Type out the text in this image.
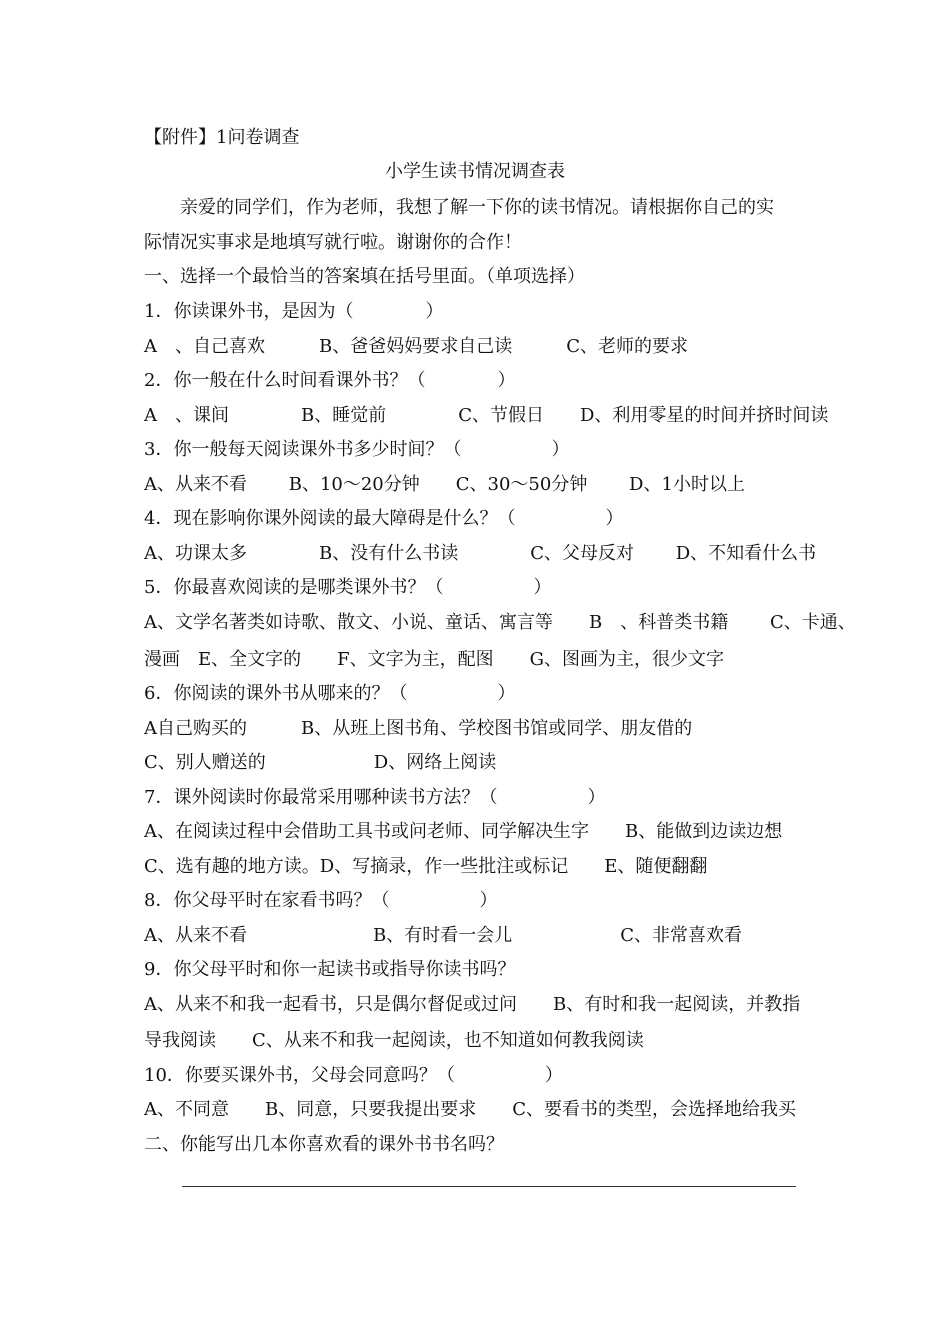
【附件】1问卷调查

小学生读书情况调查表

　　亲爱的同学们，作为老师，我想了解一下你的读书情况。请根据你自己的实

际情况实事求是地填写就行啦。谢谢你的合作！

一、选择一个最恰当的答案填在括号里面。（单项选择）

1．你读课外书，是因为（　　　　）

A　、自己喜欢　　　B、爸爸妈妈要求自己读　　　C、老师的要求

2．你一般在什么时间看课外书？（　　　　）

A　、课间　　　　B、睡觉前　　　　C、节假日　　D、利用零星的时间并挤时间读

3．你一般每天阅读课外书多少时间？（　　　　　）

A、从来不看　　 B、10～20分钟　　C、30～50分钟　　 D、1小时以上

4．现在影响你课外阅读的最大障碍是什么？（　　　　　）

A、功课太多　　　　B、没有什么书读　　　　C、父母反对　　 D、不知看什么书

5．你最喜欢阅读的是哪类课外书？（　　　　　）

A、文学名著类如诗歌、散文、小说、童话、寓言等　　B　、科普类书籍　　 C、卡通、

漫画　E、全文字的　　F、文字为主，配图　　G、图画为主，很少文字

6．你阅读的课外书从哪来的？（　　　　　）

A自己购买的　　　B、从班上图书角、学校图书馆或同学、朋友借的

C、别人赠送的　　　　　　D、网络上阅读

7．课外阅读时你最常采用哪种读书方法？（　　　　　）

A、在阅读过程中会借助工具书或问老师、同学解决生字　　B、能做到边读边想

C、选有趣的地方读。D、写摘录，作一些批注或标记　　E、随便翻翻

8．你父母平时在家看书吗？（　　　　　）

A、从来不看　　　　　　　B、有时看一会儿　　　　　　C、非常喜欢看

9．你父母平时和你一起读书或指导你读书吗？

A、从来不和我一起看书，只是偶尔督促或过问　　B、有时和我一起阅读，并教指

导我阅读　　C、从来不和我一起阅读，也不知道如何教我阅读

10．你要买课外书，父母会同意吗？（　　　　　）

A、不同意　　B、同意，只要我提出要求　　C、要看书的类型，会选择地给我买

二、你能写出几本你喜欢看的课外书书名吗？
